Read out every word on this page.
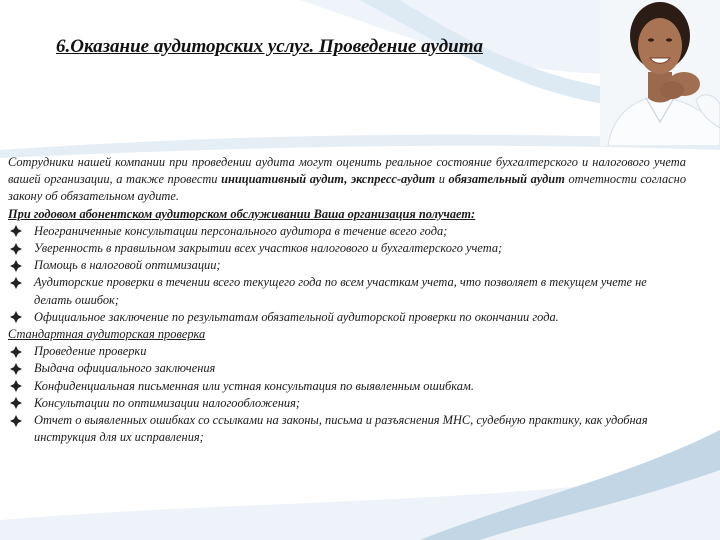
6.Оказание аудиторских услуг. Проведение аудита

Сотрудники нашей компании при проведении аудита могут оценить реальное состояние бухгалтерского и налогового учета вашей организации, а также провести инициативный аудит, экспресс-аудит и обязательный аудит отчетности согласно закону об обязательном аудите.

При годовом абонентском аудиторском обслуживании Ваша организация получает:

Неограниченные консультации персонального аудитора в течение всего года;
Уверенность в правильном закрытии всех участков налогового и бухгалтерского учета;
Помощь в налоговой оптимизации;
Аудиторские проверки в течении всего текущего года по всем участкам учета, что позволяет в текущем учете не делать ошибок;
Официальное заключение по результатам обязательной аудиторской проверки по окончании года.

Стандартная аудиторская проверка

Проведение проверки
Выдача официального заключения
Конфиденциальная письменная или устная консультация по выявленным ошибкам.
Консультации по оптимизации налогообложения;
Отчет о выявленных ошибках со ссылками на законы, письма и разъяснения МНС, судебную практику, как удобная инструкция для их исправления;
